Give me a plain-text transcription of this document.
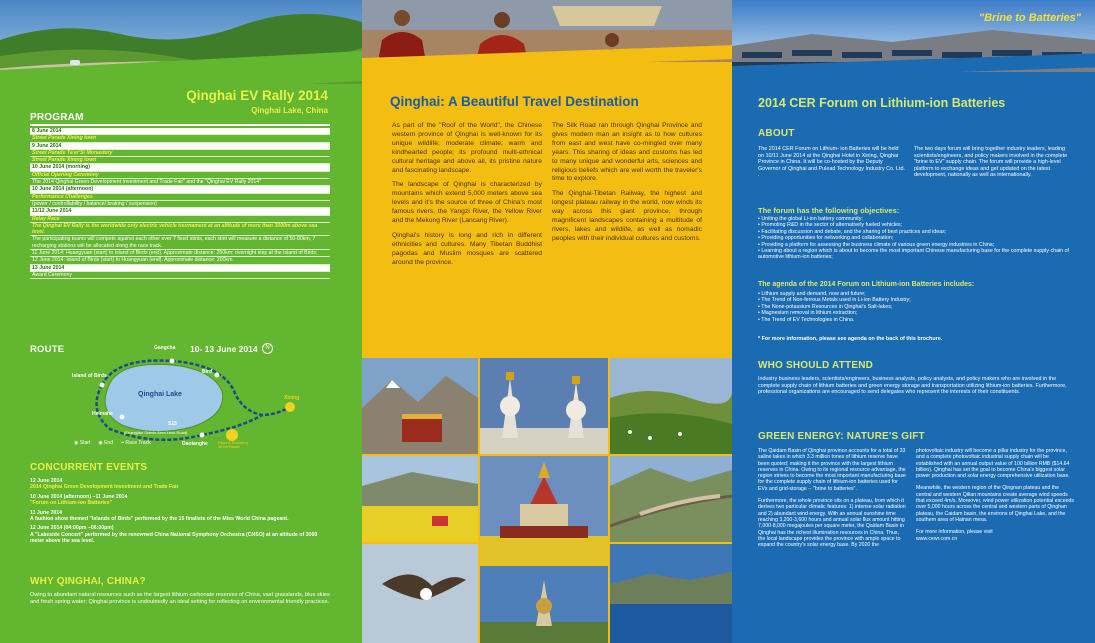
Qinghai EV Rally 2014
Qinghai Lake, China
PROGRAM
8 June 2014
Street Parade Xining town
9 June 2014
Street Parade Ta'er'Si Monastery
Street Parade Xining town
10 June 2014 (morning)
Official Opening Ceremony
The 2014 Qinghai Green Development Investment and Trade Fair" and the "Qinghai EV Rally 2014"
10 June 2014 (afternoon)
Performance Challenges
(power / controllability / balance/ braking / suspension)
11/12 June 2014
Relay Race
The Qinghai EV Rally is the worldwide only electric vehicle tournament at an altitude of more than 3000m above sea level.
The participating teams will compete against each other over 7 fixed stints, each stint will measure a distance of 50-80km, 7 recharging stations will be allocated along the race track.
11 June 2014: Huangyuan (start) to Island of Birds (end). Approximate distance: 250km; overnight stay at the Island of Birds;
12 June 2014: Island of Birds (start) to Huangyuan (end). Approximate distance: 200km.
13 June 2014
Award Ceremony
ROUTE	10- 13 June 2014	N
Gangcha
Island of Birds
Qinghai Lake
Bird
Heimahe
S15
(Erlangjian Scenic Area Leuk Road)
Daotanghe
Xining
Riyue & Monastery Street Parade
◉ Start ◉ End ━ Race Track
CONCURRENT EVENTS
12 June 2014
2014 Qinghai Green Development Investment and Trade Fair
10 June 2014 (afternoon) –11 June 2014
"Forum on Lithium-ion Batteries"
11 June 2014
A fashion show themed "Islands of Birds" performed by the 15 finalists of the Miss World China pageant.
12 June 2014 (04:00pm –06:00pm)
A "Lakeside Concert" performed by the renowned China National Symphony Orchestra (CNSO) at an altitude of 3000 meter above the sea level.
WHY QINGHAI, CHINA?
Owing to abundant natural resources such as the largest lithium carbonate reserves of China, vast grasslands, blue skies and fresh spring water; Qinghai province is undoubtedly an ideal setting for reflecting on environmental friendly practices.
Qinghai: A Beautiful Travel Destination

As part of the "Roof of the World", the Chinese western province of Qinghai is well-known for its unique wildlife; moderate climate; warm and kindhearted people; its profound multi-ethnical cultural heritage and above all, its pristine nature and fascinating landscape.

The landscape of Qinghai is characterized by mountains which extend 5,000 meters above sea levels and it's the source of three of China's most famous rivers, the Yangzi River, the Yellow River and the Mekong River (Lancang River).

Qinghai's history is long and rich in different ethnicities and cultures. Many Tibetan Buddhist pagodas and Muslim mosques are scattered around the province.

The Silk Road ran through Qinghai Province and gives modern man an insight as to how cultures from east and west have co-mingled over many years. This sharing of ideas and customs has led to many unique and wonderful arts, sciences and religious beliefs which are well worth the traveler's time to explore.

The Qinghai-Tibetan Railway, the highest and longest plateau railway in the world, now winds its way across this giant province, through magnificent landscapes containing a multitude of rivers, lakes and wildlife, as well as nomadic peoples with their individual cultures and customs.

"Brine to Batteries"
2014 CER Forum on Lithium-ion Batteries
ABOUT
The 2014 CER Forum on Lithium- ion Batteries will be held on 10/11 June 2014 at the Qinghai Hotel in Xining, Qinghai Province in China. It will be co-hosted by the Deputy Governor of Qinghai and Pulead Technology Industry Co. Ltd. .
The two days forum will bring together industry leaders, leading scientists/engineers, and policy makers involved in the complete "brine to EV" supply chain. The forum will provide a high-level platform to exchange ideas and get updated on the latest development, nationally as well as internationally.
The forum has the following objectives:
• Uniting the global Li-ion battery community;
• Promoting R&D in the sector of alternatively fueled vehicles;
• Facilitating discussion and debate, and the sharing of best practices and ideas;
• Providing opportunities for networking and collaboration;
• Providing a platform for assessing the business climate of various green energy industries in China;
• Learning about a region which is about to become the most important Chinese manufacturing base for the complete supply chain of automotive lithium-ion batteries;
The agenda of the 2014 Forum on Lithium-ion Batteries includes:
• Lithium supply and demand, now and future;
• The Trend of Non-ferrous Metals used in Li-ion Battery Industry;
• The None-potassium Resources in Qinghai's Salt-lakes;
• Magnesium removal in lithium extraction;
• The Trend of EV Technologies in China.
* For more information, please see agenda on the back of this brochure.
WHO SHOULD ATTEND
Industry business leaders, scientists/engineers, business analysts, policy analysts, and policy makers who are involved in the complete supply chain of lithium batteries and green energy storage and transportation utilizing lithium-ion batteries. Furthermore, professional organizations are encouraged to send delegates who represent the interests of their constituents.
GREEN ENERGY: NATURE'S GIFT

The Qaidam Basin of Qinghai province accounts for a total of 33 saline lakes in which 3.3 million tones of lithium reserve have been quoted; making it the province with the largest lithium reserves in China. Owing to its regional resource advantage, the region strives to become the most important manufacturing base for the complete supply chain of lithium-ion batteries used for EVs and grid-storage -- "brine to batteries".

Furthermore, the whole province sits on a plateau, from which it derives two particular climatic features: 1) intense solar radiation and 2) abundant wind energy. With an annual sunshine time reaching 3,200-3,600 hours and annual solar flux amount hitting 7,000-8,000 megajoules per square meter, the Qaidam Basin in Qinghai has the richest illumination resources in China. Thus, the local landscape provides the province with ample space to expand the country's solar energy base. By 2020 the

photovoltaic industry will become a pillar industry for the province, and a complete photovoltaic industrial supply chain will be established with an annual output value of 100 billion RMB ($14.64 billion). Qinghai has set the goal to become China's biggest solar power production and solar energy comprehensive utilization base.

Meanwhile, the western region of the Qingnan plateau and the central and western Qilian mountains create average wind speeds that exceed 4m/s. Moreover, wind power utilization potential exceeds over 5,000 hours across the central and western parts of Qinghan plateau, the Caidam basin, the environs of Qinghai Lake, and the southern area of Hainan mesa.

For more information, please visit

www.cewr.com.cn
